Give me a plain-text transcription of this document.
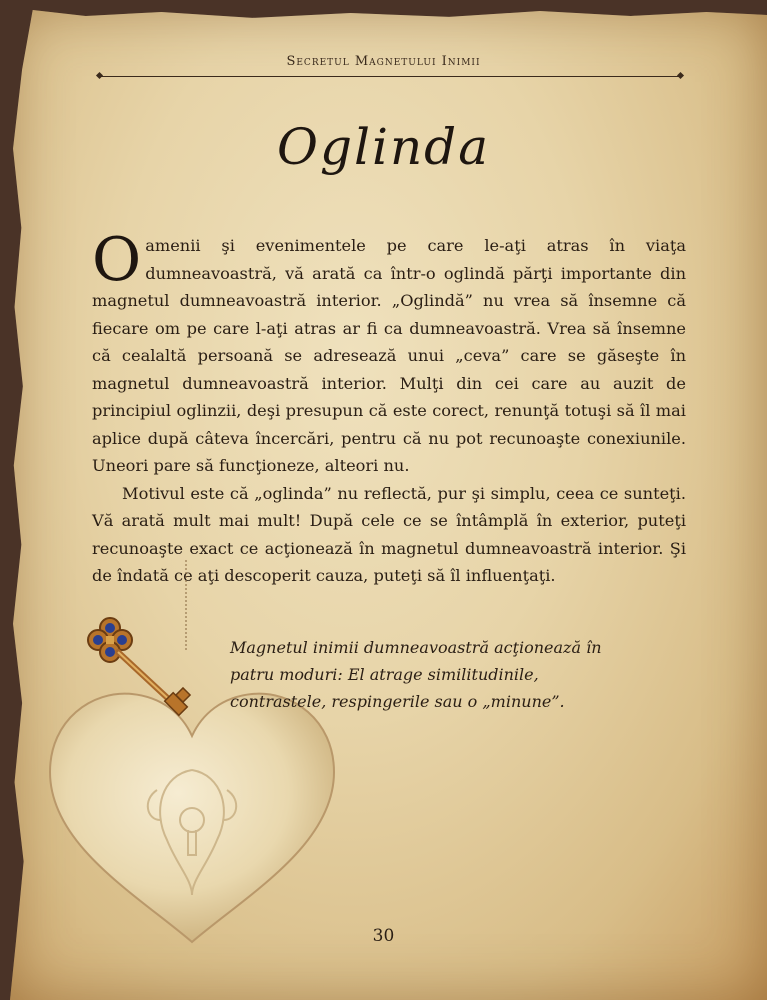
Secretul Magnetului Inimii
Oglinda

Oamenii şi evenimentele pe care le-aţi atras în viaţa dumneavoastră, vă arată ca într-o oglindă părţi importante din magnetul dumneavoastră interior. „Oglindă” nu vrea să însemne că fiecare om pe care l-aţi atras ar fi ca dumneavoastră. Vrea să însemne că cealaltă persoană se adresează unui „ceva” care se găseşte în magnetul dumneavoastră interior. Mulţi din cei care au auzit de principiul oglinzii, deşi presupun că este corect, renunţă totuşi să îl mai aplice după câteva încercări, pentru că nu pot recunoaşte conexiunile. Uneori pare să funcţioneze, alteori nu.

Motivul este că „oglinda” nu reflectă, pur şi simplu, ceea ce sunteţi. Vă arată mult mai mult! După cele ce se întâmplă în exterior, puteţi recunoaşte exact ce acţionează în magnetul dumneavoastră interior. Şi de îndată ce aţi descoperit cauza, puteţi să îl influenţaţi.

Magnetul inimii dumneavoastră acţionează în patru moduri: El atrage similitudinile, contrastele, respingerile sau o „minune”.
30
